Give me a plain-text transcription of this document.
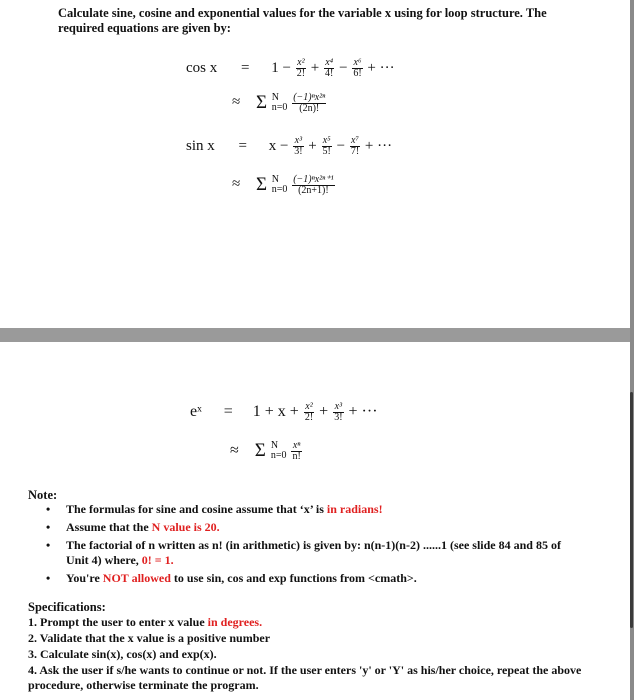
Calculate sine, cosine and exponential values for the variable x using for loop structure. The
required equations are given by:
$\cos x = 1 - \frac{\text{x²}}{2!} + \frac{\text{x⁴}}{4!} - \frac{\text{x⁶}}{6!}$ + ···
≈ Σ N
n=0
$\frac{\text{(−1)ⁿx²ⁿ}}{(2n)!}$
$\sin x = x - \frac{\text{x³}}{3!} + \frac{\text{x⁵}}{5!} - \frac{\text{x⁷}}{7!}$ + ···
≈ Σ N
n=0
$\frac{\text{(−1)ⁿx²ⁿ⁺¹}}{(2n+1)!}$
eˣ = $1 + x + \frac{\text{x²}}{2!} + \frac{\text{x³}}{3!}$ + ···
≈ Σ N
n=0
$\frac{\text{xⁿ}}{n!}$
Note:
• The formulas for sine and cosine assume that ‘x’ is in radians!
• Assume that the N value is 20.
• The factorial of n written as n! (in arithmetic) is given by: n(n-1)(n-2) ......1 (see slide 84 and 85 of Unit 4) where, 0! = 1.
• You're NOT allowed to use sin, cos and exp functions from <cmath>.
Specifications:
1. Prompt the user to enter x value in degrees.
2. Validate that the x value is a positive number
3. Calculate sin(x), cos(x) and exp(x).
4. Ask the user if s/he wants to continue or not. If the user enters 'y' or 'Y' as his/her choice, repeat the above procedure, otherwise terminate the program.
